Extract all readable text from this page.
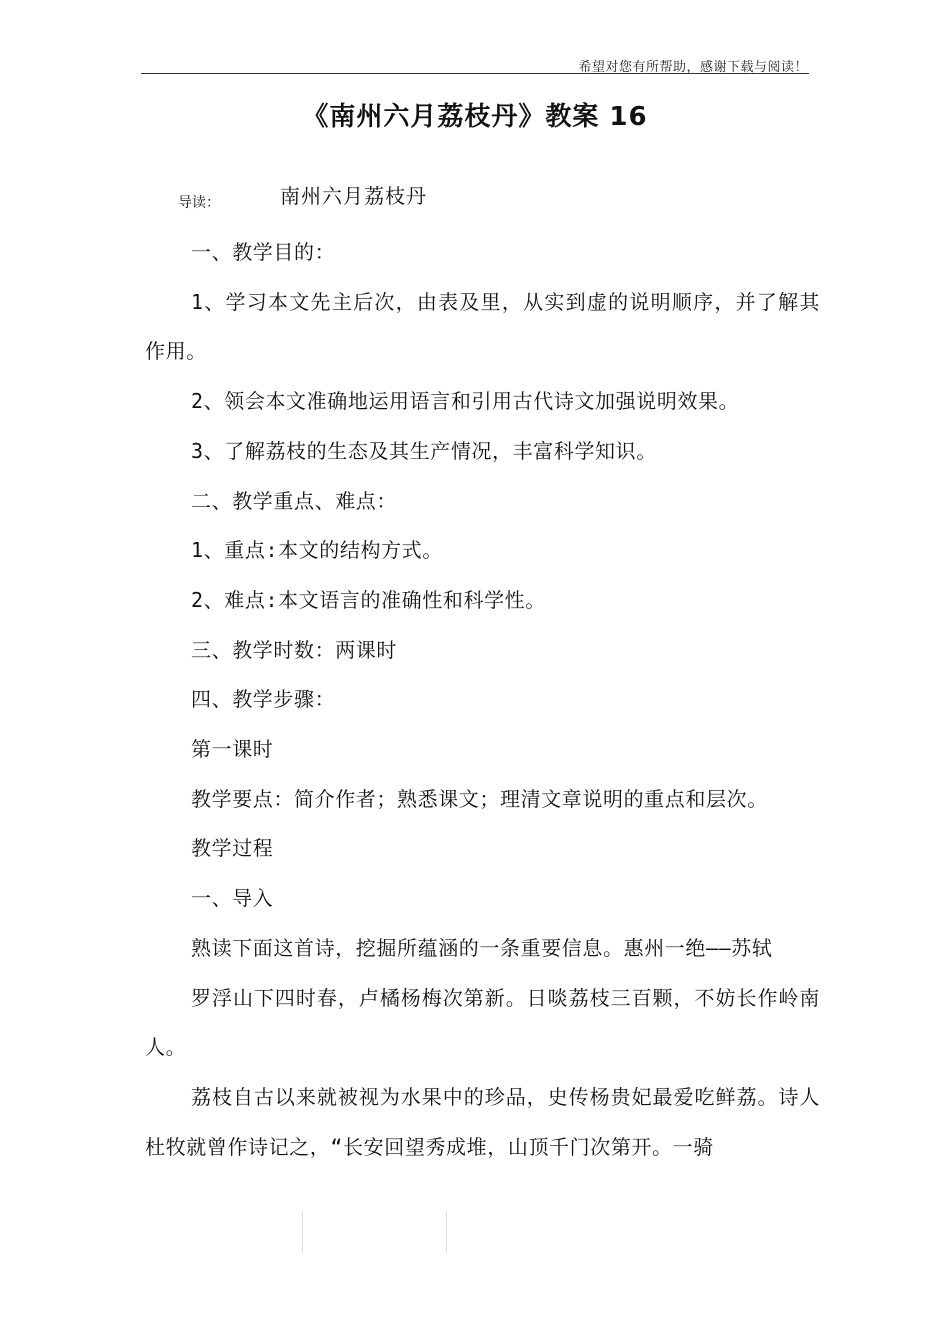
希望对您有所帮助，感谢下载与阅读！
《南州六月荔枝丹》教案 16
导读：	南州六月荔枝丹

一、教学目的：

1、学习本文先主后次，由表及里，从实到虚的说明顺序，并了解其作用。

2、领会本文准确地运用语言和引用古代诗文加强说明效果。

3、了解荔枝的生态及其生产情况，丰富科学知识。

二、教学重点、难点：

1、重点:本文的结构方式。

2、难点:本文语言的准确性和科学性。

三、教学时数：两课时

四、教学步骤：

第一课时

教学要点：简介作者；熟悉课文；理清文章说明的重点和层次。

教学过程

一、导入

熟读下面这首诗，挖掘所蕴涵的一条重要信息。惠州一绝——苏轼

罗浮山下四时春，卢橘杨梅次第新。日啖荔枝三百颗，不妨长作岭南人。

荔枝自古以来就被视为水果中的珍品，史传杨贵妃最爱吃鲜荔。诗人杜牧就曾作诗记之，“长安回望秀成堆，山顶千门次第开。一骑
